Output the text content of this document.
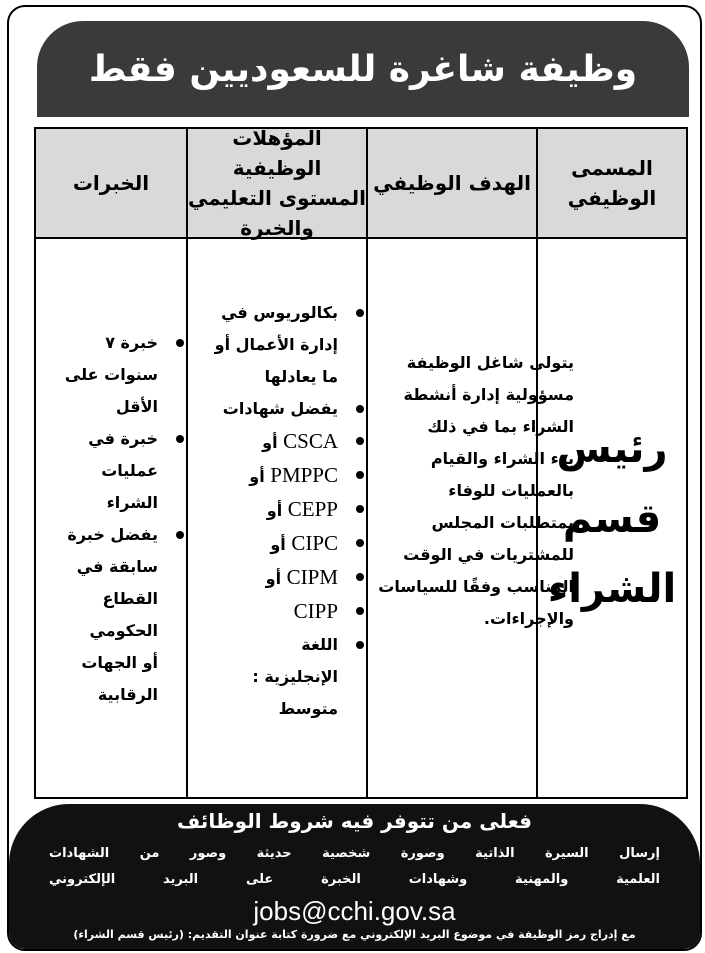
وظيفة شاغرة للسعوديين فقط
المسمى
الوظيفي
الهدف الوظيفي
المؤهلات الوظيفية
المستوى التعليمي والخبرة
الخبرات
رئيس
قسم
الشراء
يتولى شاغل الوظيفة
مسؤولية إدارة أنشطة
الشراء بما في ذلك
بدء الشراء والقيام
بالعمليات للوفاء
بمتطلبات المجلس
للمشتريات في الوقت
المناسب وفقًا للسياسات
والإجراءات.
بكالوريوس في
إدارة الأعمال أو
ما يعادلها
يفضل شهادات
CSCA أو
PMPPC أو
CEPP أو
CIPC أو
CIPM أو
CIPP
اللغة
الإنجليزية :
متوسط
خبرة ٧
سنوات على
الأقل
خبرة في
عمليات
الشراء
يفضل خبرة
سابقة في
القطاع
الحكومي
أو الجهات
الرقابية
فعلى من تتوفر فيه شروط الوظائف
إرسال السيرة الذاتية وصورة شخصية حديثة وصور من الشهادات
العلمية والمهنية وشهادات الخبرة على البريد الإلكتروني
jobs@cchi.gov.sa
مع إدراج رمز الوظيفة في موضوع البريد الإلكتروني مع ضرورة كتابة عنوان التقديم: (رئيس قسم الشراء)
